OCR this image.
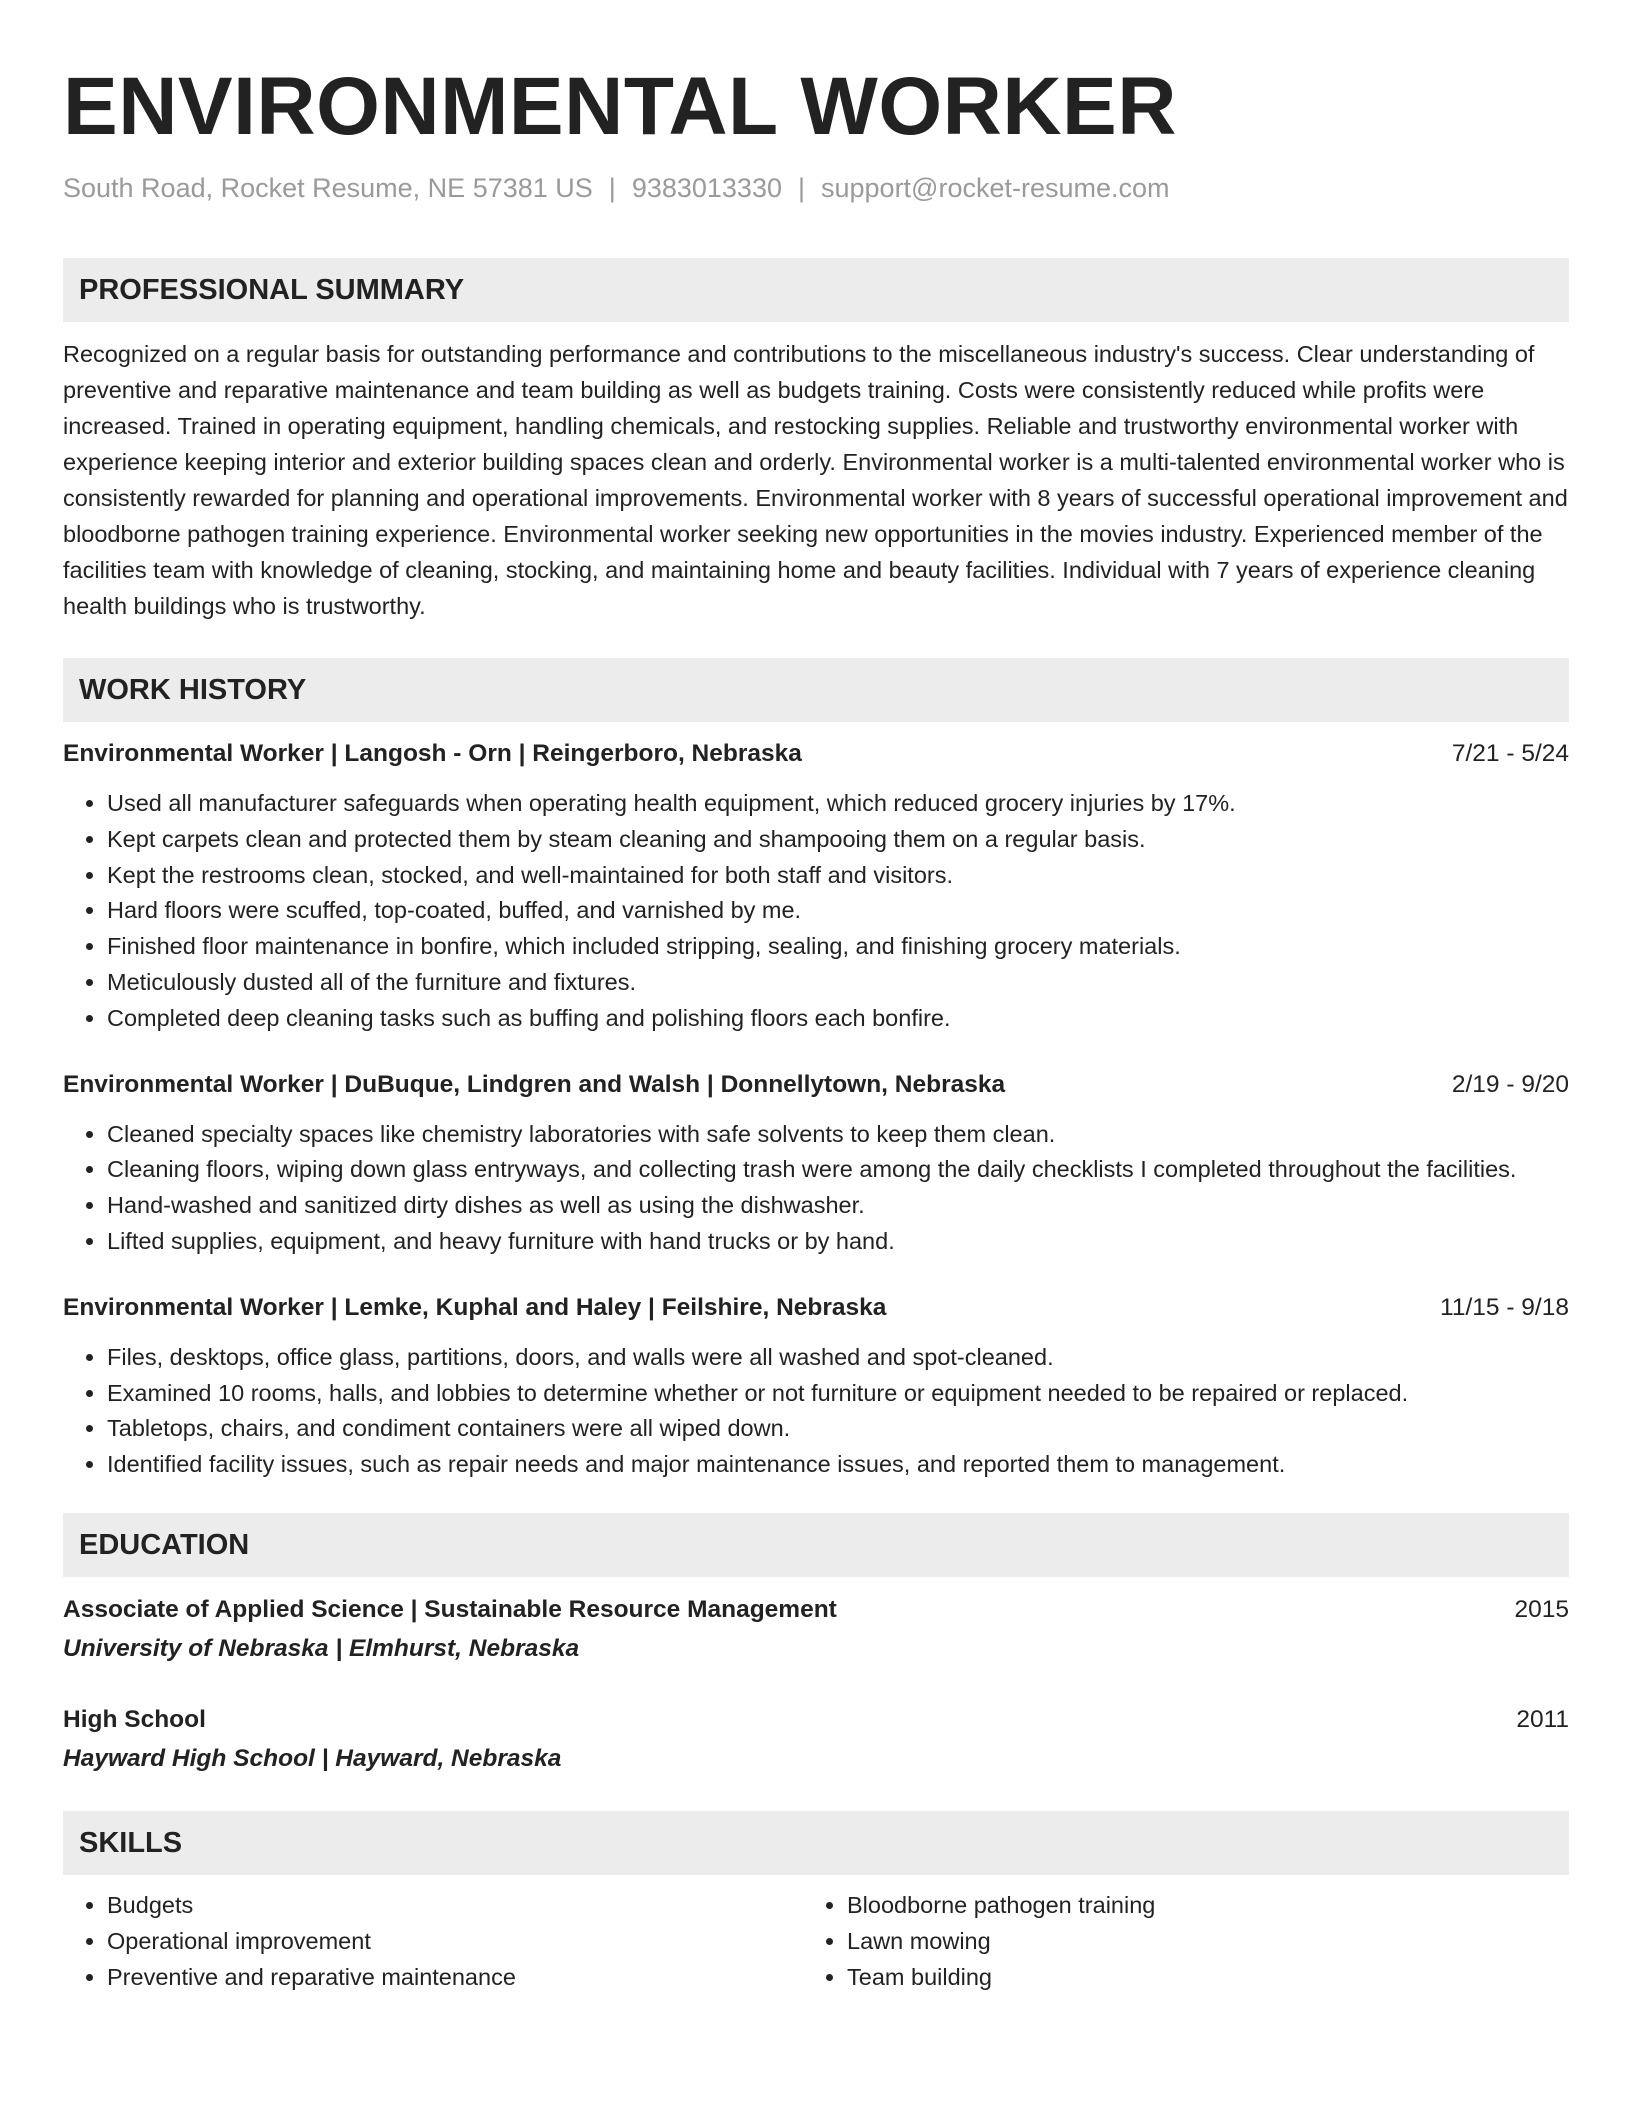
ENVIRONMENTAL WORKER
South Road, Rocket Resume, NE 57381 US | 9383013330 | support@rocket-resume.com
PROFESSIONAL SUMMARY
Recognized on a regular basis for outstanding performance and contributions to the miscellaneous industry's success. Clear understanding of preventive and reparative maintenance and team building as well as budgets training. Costs were consistently reduced while profits were increased. Trained in operating equipment, handling chemicals, and restocking supplies. Reliable and trustworthy environmental worker with experience keeping interior and exterior building spaces clean and orderly. Environmental worker is a multi-talented environmental worker who is consistently rewarded for planning and operational improvements. Environmental worker with 8 years of successful operational improvement and bloodborne pathogen training experience. Environmental worker seeking new opportunities in the movies industry. Experienced member of the facilities team with knowledge of cleaning, stocking, and maintaining home and beauty facilities. Individual with 7 years of experience cleaning health buildings who is trustworthy.
WORK HISTORY
Environmental Worker | Langosh - Orn | Reingerboro, Nebraska	7/21 - 5/24
• Used all manufacturer safeguards when operating health equipment, which reduced grocery injuries by 17%.
• Kept carpets clean and protected them by steam cleaning and shampooing them on a regular basis.
• Kept the restrooms clean, stocked, and well-maintained for both staff and visitors.
• Hard floors were scuffed, top-coated, buffed, and varnished by me.
• Finished floor maintenance in bonfire, which included stripping, sealing, and finishing grocery materials.
• Meticulously dusted all of the furniture and fixtures.
• Completed deep cleaning tasks such as buffing and polishing floors each bonfire.
Environmental Worker | DuBuque, Lindgren and Walsh | Donnellytown, Nebraska	2/19 - 9/20
• Cleaned specialty spaces like chemistry laboratories with safe solvents to keep them clean.
• Cleaning floors, wiping down glass entryways, and collecting trash were among the daily checklists I completed throughout the facilities.
• Hand-washed and sanitized dirty dishes as well as using the dishwasher.
• Lifted supplies, equipment, and heavy furniture with hand trucks or by hand.
Environmental Worker | Lemke, Kuphal and Haley | Feilshire, Nebraska	11/15 - 9/18
• Files, desktops, office glass, partitions, doors, and walls were all washed and spot-cleaned.
• Examined 10 rooms, halls, and lobbies to determine whether or not furniture or equipment needed to be repaired or replaced.
• Tabletops, chairs, and condiment containers were all wiped down.
• Identified facility issues, such as repair needs and major maintenance issues, and reported them to management.
EDUCATION
Associate of Applied Science | Sustainable Resource Management	2015
University of Nebraska | Elmhurst, Nebraska
High School	2011
Hayward High School | Hayward, Nebraska
SKILLS
• Budgets
• Operational improvement
• Preventive and reparative maintenance
• Bloodborne pathogen training
• Lawn mowing
• Team building
